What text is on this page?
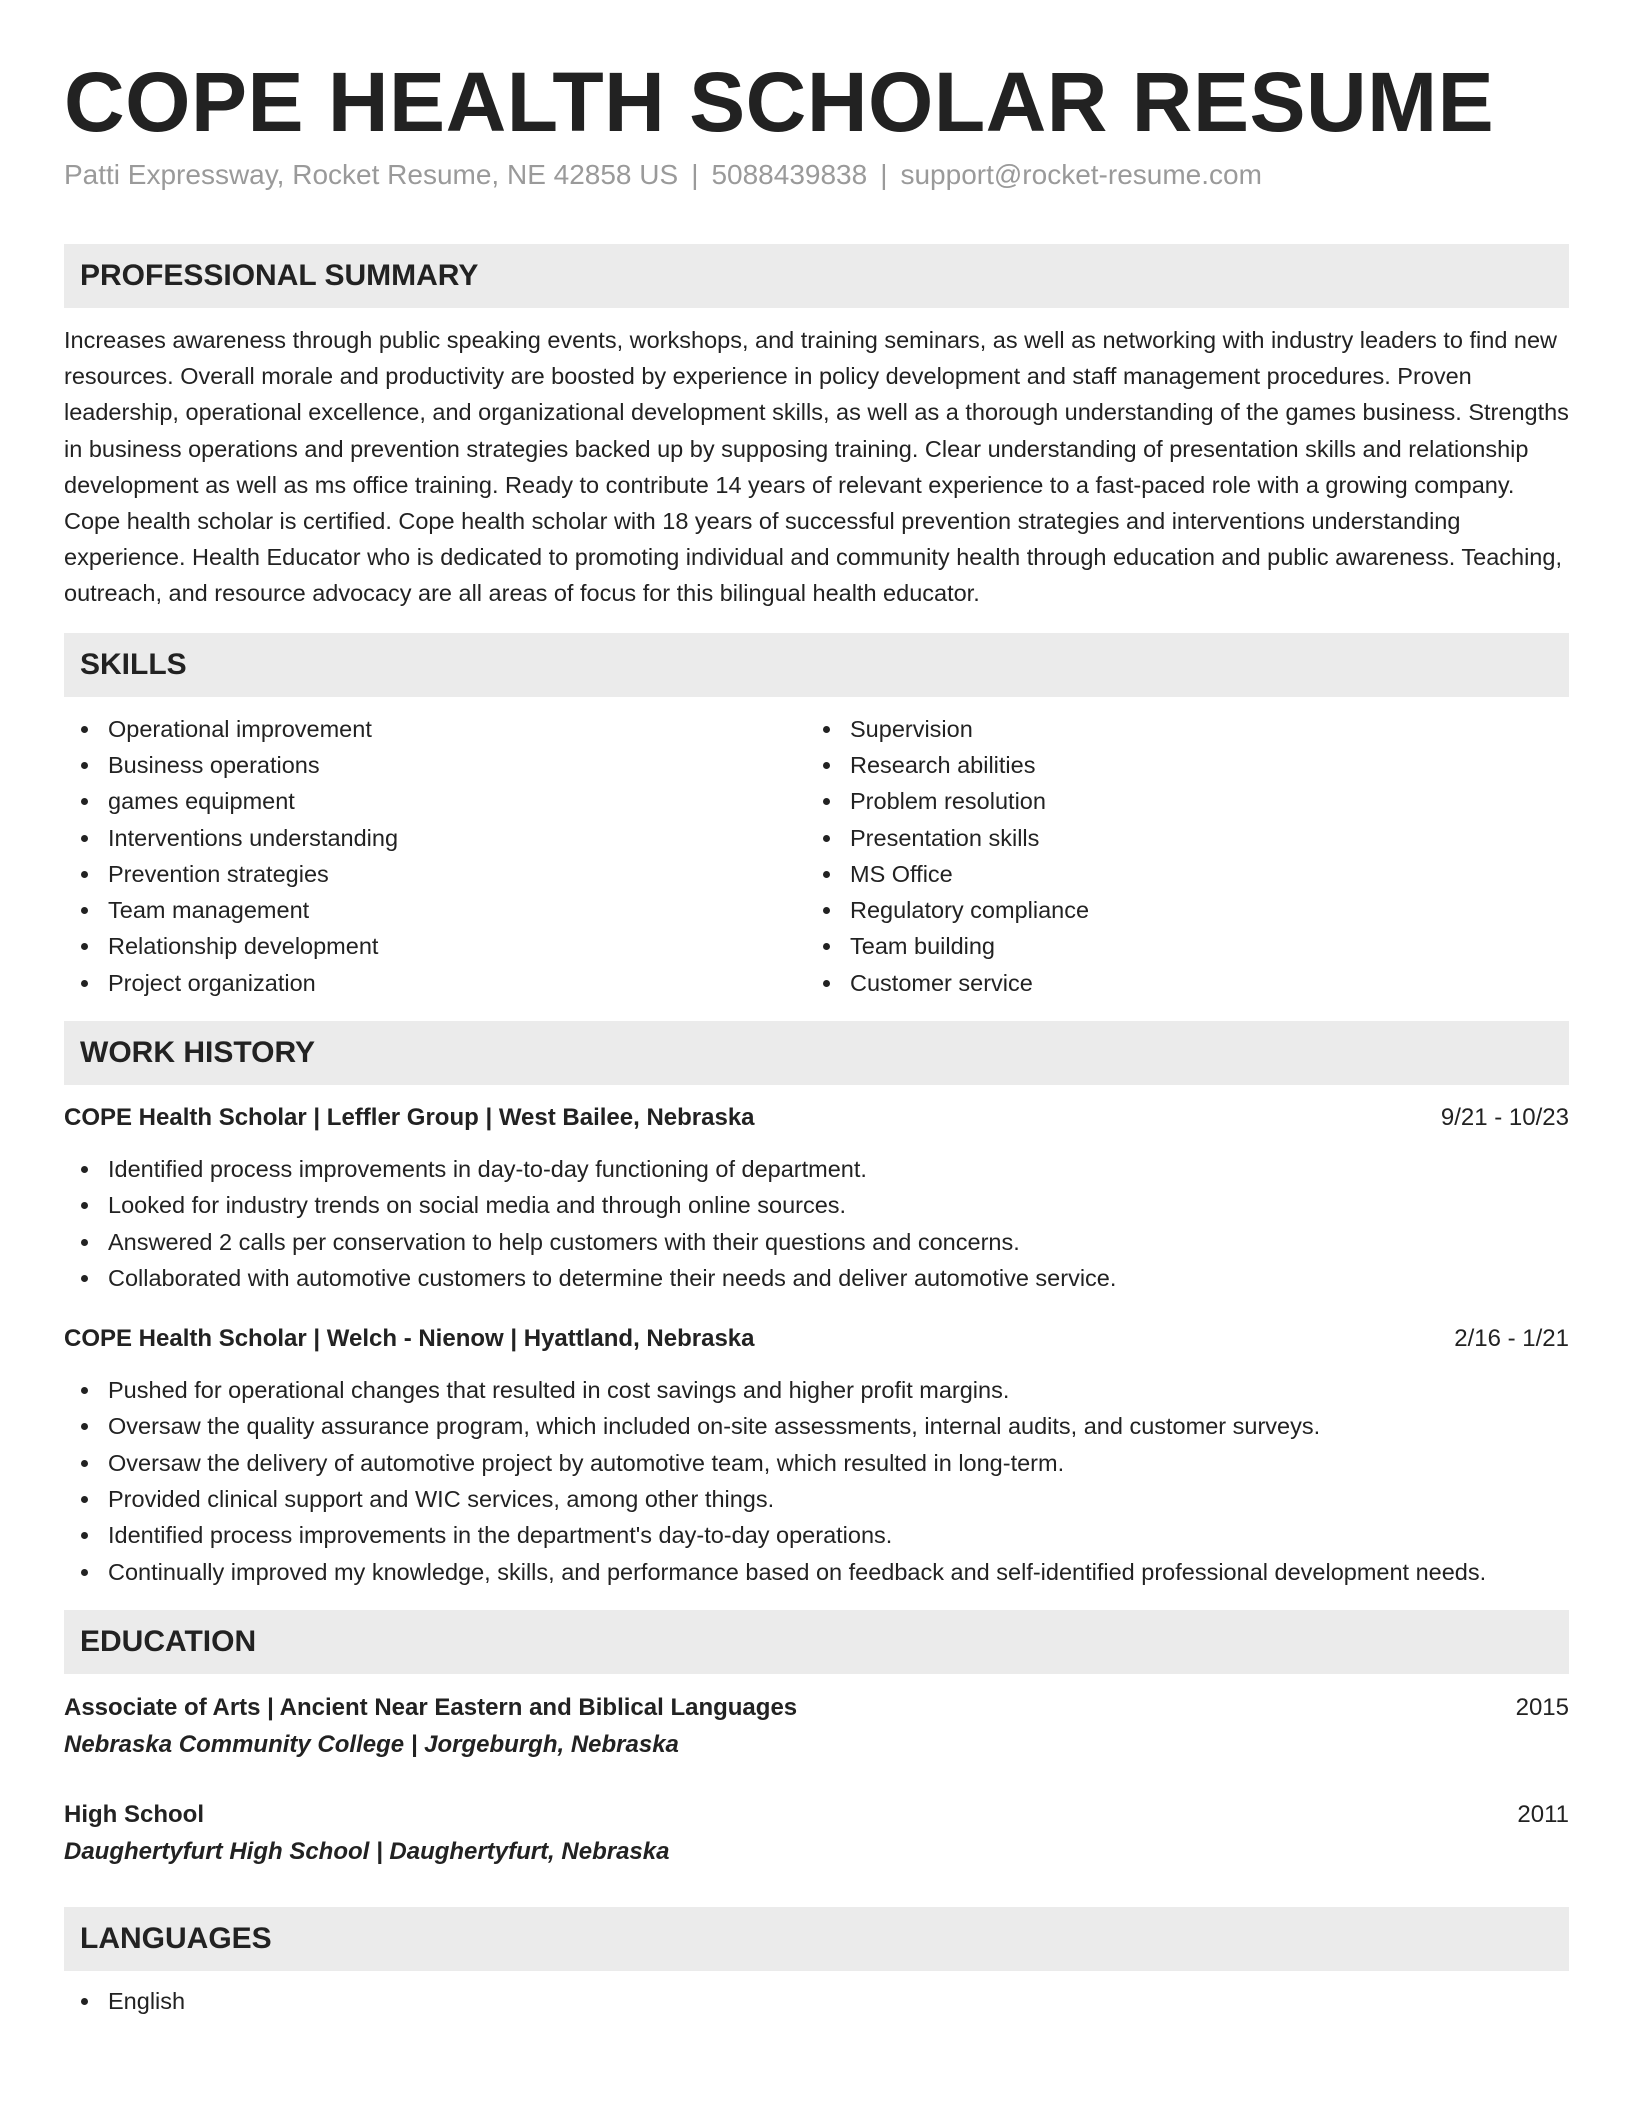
COPE HEALTH SCHOLAR RESUME
Patti Expressway, Rocket Resume, NE 42858 US | 5088439838 | support@rocket-resume.com
PROFESSIONAL SUMMARY

Increases awareness through public speaking events, workshops, and training seminars, as well as networking with industry leaders to find new resources. Overall morale and productivity are boosted by experience in policy development and staff management procedures. Proven leadership, operational excellence, and organizational development skills, as well as a thorough understanding of the games business. Strengths in business operations and prevention strategies backed up by supposing training. Clear understanding of presentation skills and relationship development as well as ms office training. Ready to contribute 14 years of relevant experience to a fast-paced role with a growing company. Cope health scholar is certified. Cope health scholar with 18 years of successful prevention strategies and interventions understanding experience. Health Educator who is dedicated to promoting individual and community health through education and public awareness. Teaching, outreach, and resource advocacy are all areas of focus for this bilingual health educator.

SKILLS
Operational improvement
Business operations
games equipment
Interventions understanding
Prevention strategies
Team management
Relationship development
Project organization
Supervision
Research abilities
Problem resolution
Presentation skills
MS Office
Regulatory compliance
Team building
Customer service
WORK HISTORY
COPE Health Scholar | Leffler Group | West Bailee, Nebraska	9/21 - 10/23
Identified process improvements in day-to-day functioning of department.
Looked for industry trends on social media and through online sources.
Answered 2 calls per conservation to help customers with their questions and concerns.
Collaborated with automotive customers to determine their needs and deliver automotive service.
COPE Health Scholar | Welch - Nienow | Hyattland, Nebraska	2/16 - 1/21
Pushed for operational changes that resulted in cost savings and higher profit margins.
Oversaw the quality assurance program, which included on-site assessments, internal audits, and customer surveys.
Oversaw the delivery of automotive project by automotive team, which resulted in long-term.
Provided clinical support and WIC services, among other things.
Identified process improvements in the department's day-to-day operations.
Continually improved my knowledge, skills, and performance based on feedback and self-identified professional development needs.
EDUCATION
Associate of Arts | Ancient Near Eastern and Biblical Languages	2015
Nebraska Community College | Jorgeburgh, Nebraska
High School	2011
Daughertyfurt High School | Daughertyfurt, Nebraska
LANGUAGES
English
